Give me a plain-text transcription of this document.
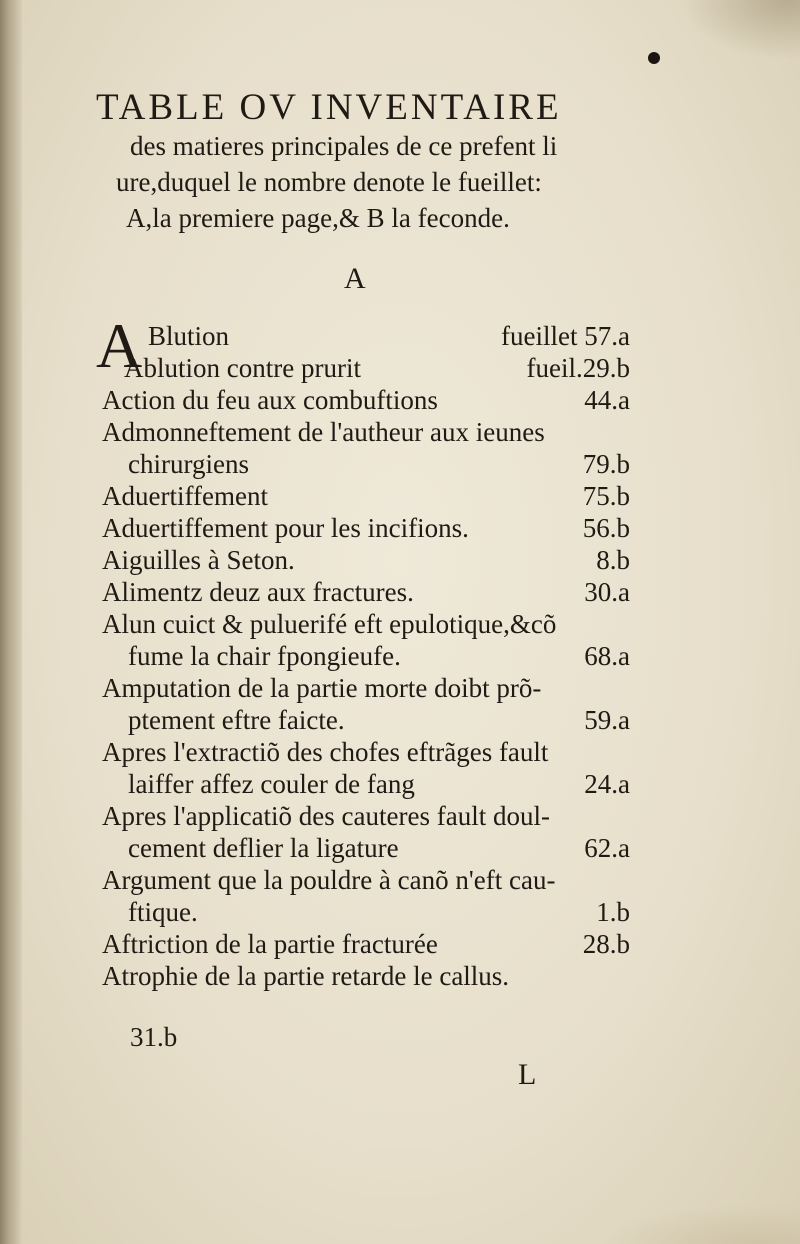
TABLE OV INVENTAIRE
des matieres principales de ce prefent li
ure,duquel le nombre denote le fueillet:
A,la premiere page,& B la feconde.
A
A Blution	fueillet 57.a
Ablution contre prurit	fueil.29.b
Action du feu aux combuftions	44.a
Admonneftement de l'autheur aux ieunes
chirurgiens	79.b
Aduertiffement	75.b
Aduertiffement pour les incifions.	56.b
Aiguilles à Seton.	8.b
Alimentz deuz aux fractures.	30.a
Alun cuict & puluerifé eft epulotique,&cõ
fume la chair fpongieufe.	68.a
Amputation de la partie morte doibt prõ-
ptement eftre faicte.	59.a
Apres l'extractiõ des chofes eftrãges fault
laiffer affez couler de fang	24.a
Apres l'applicatiõ des cauteres fault doul-
cement deflier la ligature	62.a
Argument que la pouldre à canõ n'eft cau-
ftique.	1.b
Aftriction de la partie fracturée	28.b
Atrophie de la partie retarde le callus.
31.b
L
